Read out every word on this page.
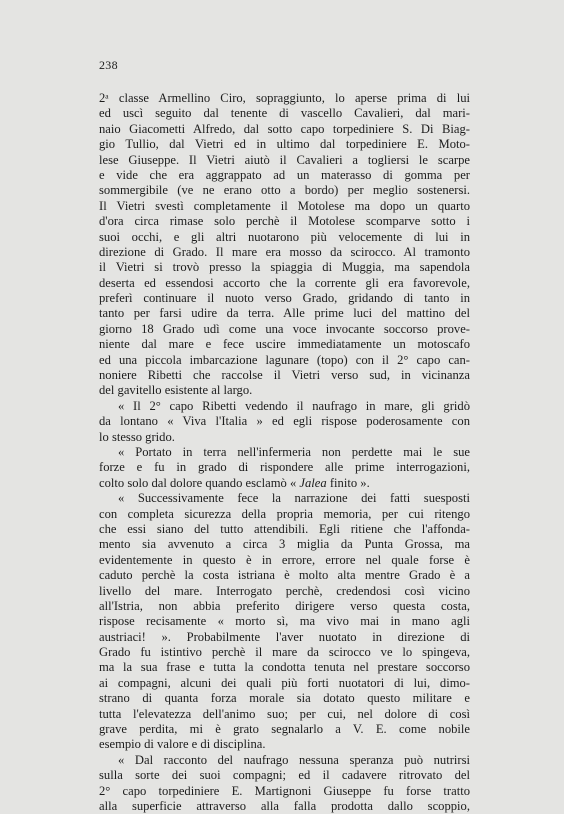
238
2ᵃ classe Armellino Ciro, sopraggiunto, lo aperse prima di lui
ed uscì seguito dal tenente di vascello Cavalieri, dal mari-
naio Giacometti Alfredo, dal sotto capo torpediniere S. Di Biag-
gio Tullio, dal Vietri ed in ultimo dal torpediniere E. Moto-
lese Giuseppe. Il Vietri aiutò il Cavalieri a togliersi le scarpe
e vide che era aggrappato ad un materasso di gomma per
sommergibile (ve ne erano otto a bordo) per meglio sostenersi.
Il Vietri svestì completamente il Motolese ma dopo un quarto
d'ora circa rimase solo perchè il Motolese scomparve sotto i
suoi occhi, e gli altri nuotarono più velocemente di lui in
direzione di Grado. Il mare era mosso da scirocco. Al tramonto
il Vietri si trovò presso la spiaggia di Muggia, ma sapendola
deserta ed essendosi accorto che la corrente gli era favorevole,
preferì continuare il nuoto verso Grado, gridando di tanto in
tanto per farsi udire da terra. Alle prime luci del mattino del
giorno 18 Grado udì come una voce invocante soccorso prove-
niente dal mare e fece uscire immediatamente un motoscafo
ed una piccola imbarcazione lagunare (topo) con il 2° capo can-
noniere Ribetti che raccolse il Vietri verso sud, in vicinanza
del gavitello esistente al largo.
« Il 2° capo Ribetti vedendo il naufrago in mare, gli gridò
da lontano « Viva l'Italia » ed egli rispose poderosamente con
lo stesso grido.
« Portato in terra nell'infermeria non perdette mai le sue
forze e fu in grado di rispondere alle prime interrogazioni,
colto solo dal dolore quando esclamò « Jalea finito ».
« Successivamente fece la narrazione dei fatti suesposti
con completa sicurezza della propria memoria, per cui ritengo
che essi siano del tutto attendibili. Egli ritiene che l'affonda-
mento sia avvenuto a circa 3 miglia da Punta Grossa, ma
evidentemente in questo è in errore, errore nel quale forse è
caduto perchè la costa istriana è molto alta mentre Grado è a
livello del mare. Interrogato perchè, credendosi così vicino
all'Istria, non abbia preferito dirigere verso questa costa,
rispose recisamente « morto sì, ma vivo mai in mano agli
austriaci! ». Probabilmente l'aver nuotato in direzione di
Grado fu istintivo perchè il mare da scirocco ve lo spingeva,
ma la sua frase e tutta la condotta tenuta nel prestare soccorso
ai compagni, alcuni dei quali più forti nuotatori di lui, dimo-
strano di quanta forza morale sia dotato questo militare e
tutta l'elevatezza dell'animo suo; per cui, nel dolore di così
grave perdita, mi è grato segnalarlo a V. E. come nobile
esempio di valore e di disciplina.
« Dal racconto del naufrago nessuna speranza può nutrirsi
sulla sorte dei suoi compagni; ed il cadavere ritrovato del
2° capo torpediniere E. Martignoni Giuseppe fu forse tratto
alla superficie attraverso alla falla prodotta dallo scoppio,
